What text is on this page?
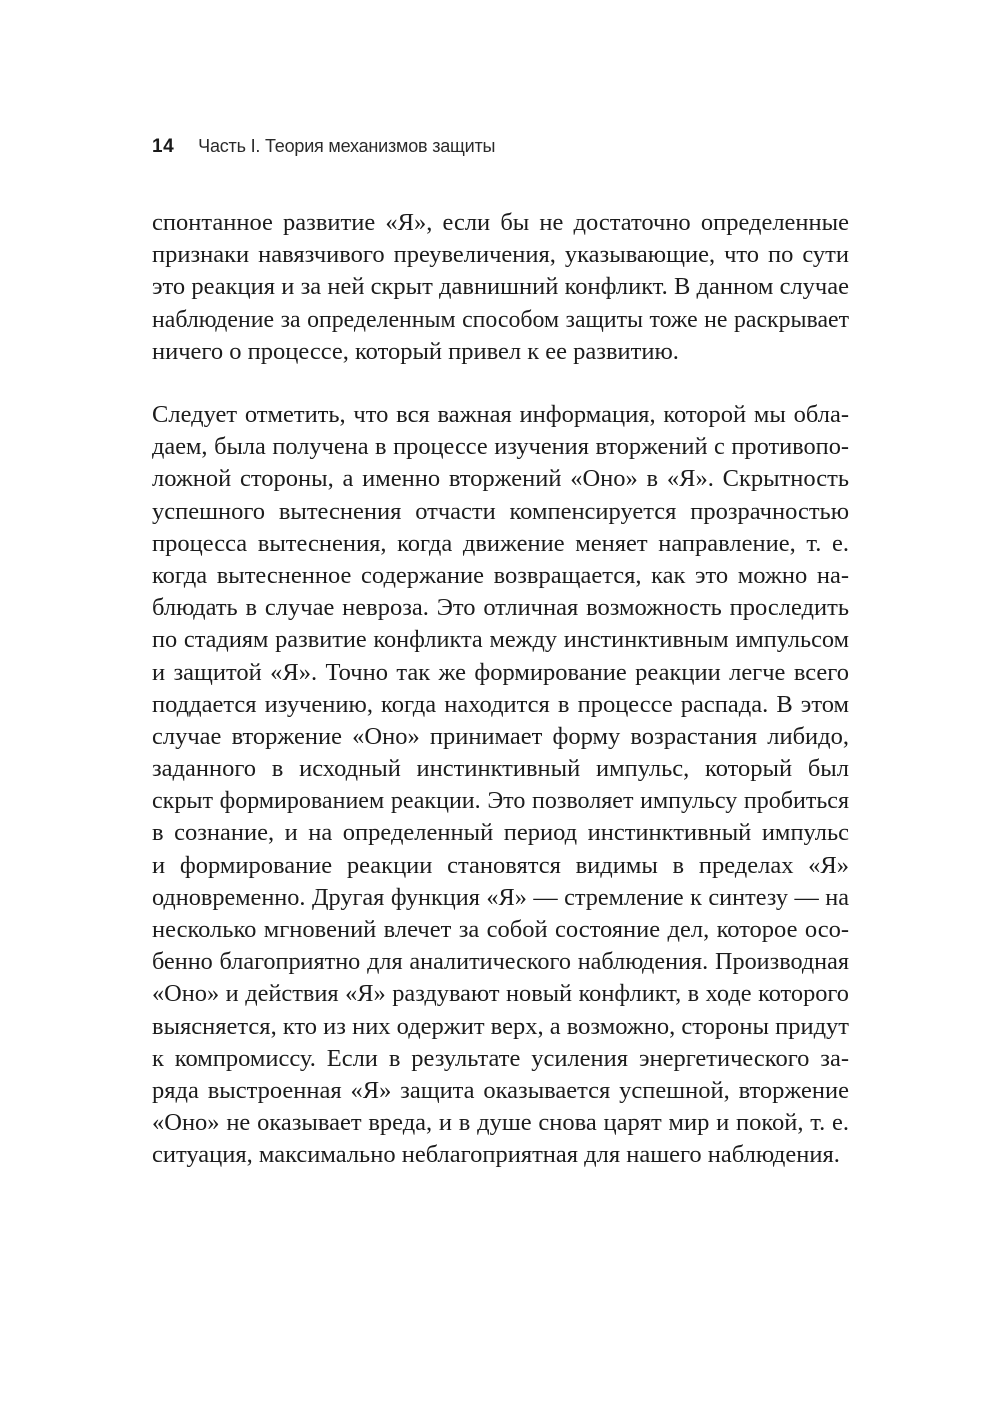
14 Часть I. Теория механизмов защиты
спонтанное развитие «Я», если бы не достаточно определенные
признаки навязчивого преувеличения, указывающие, что по сути
это реакция и за ней скрыт давнишний конфликт. В данном случае
наблюдение за определенным способом защиты тоже не раскрывает
ничего о процессе, который привел к ее развитию.
Следует отметить, что вся важная информация, которой мы обла-
даем, была получена в процессе изучения вторжений с противопо-
ложной стороны, а именно вторжений «Оно» в «Я». Скрытность
успешного вытеснения отчасти компенсируется прозрачностью
процесса вытеснения, когда движение меняет направление, т. е.
когда вытесненное содержание возвращается, как это можно на-
блюдать в случае невроза. Это отличная возможность проследить
по стадиям развитие конфликта между инстинктивным импульсом
и защитой «Я». Точно так же формирование реакции легче всего
поддается изучению, когда находится в процессе распада. В этом
случае вторжение «Оно» принимает форму возрастания либидо,
заданного в исходный инстинктивный импульс, который был
скрыт формированием реакции. Это позволяет импульсу пробиться
в сознание, и на определенный период инстинктивный импульс
и формирование реакции становятся видимы в пределах «Я»
одновременно. Другая функция «Я» — стремление к синтезу — на
несколько мгновений влечет за собой состояние дел, которое осо-
бенно благоприятно для аналитического наблюдения. Производная
«Оно» и действия «Я» раздувают новый конфликт, в ходе которого
выясняется, кто из них одержит верх, а возможно, стороны придут
к компромиссу. Если в результате усиления энергетического за-
ряда выстроенная «Я» защита оказывается успешной, вторжение
«Оно» не оказывает вреда, и в душе снова царят мир и покой, т. е.
ситуация, максимально неблагоприятная для нашего наблюдения.
